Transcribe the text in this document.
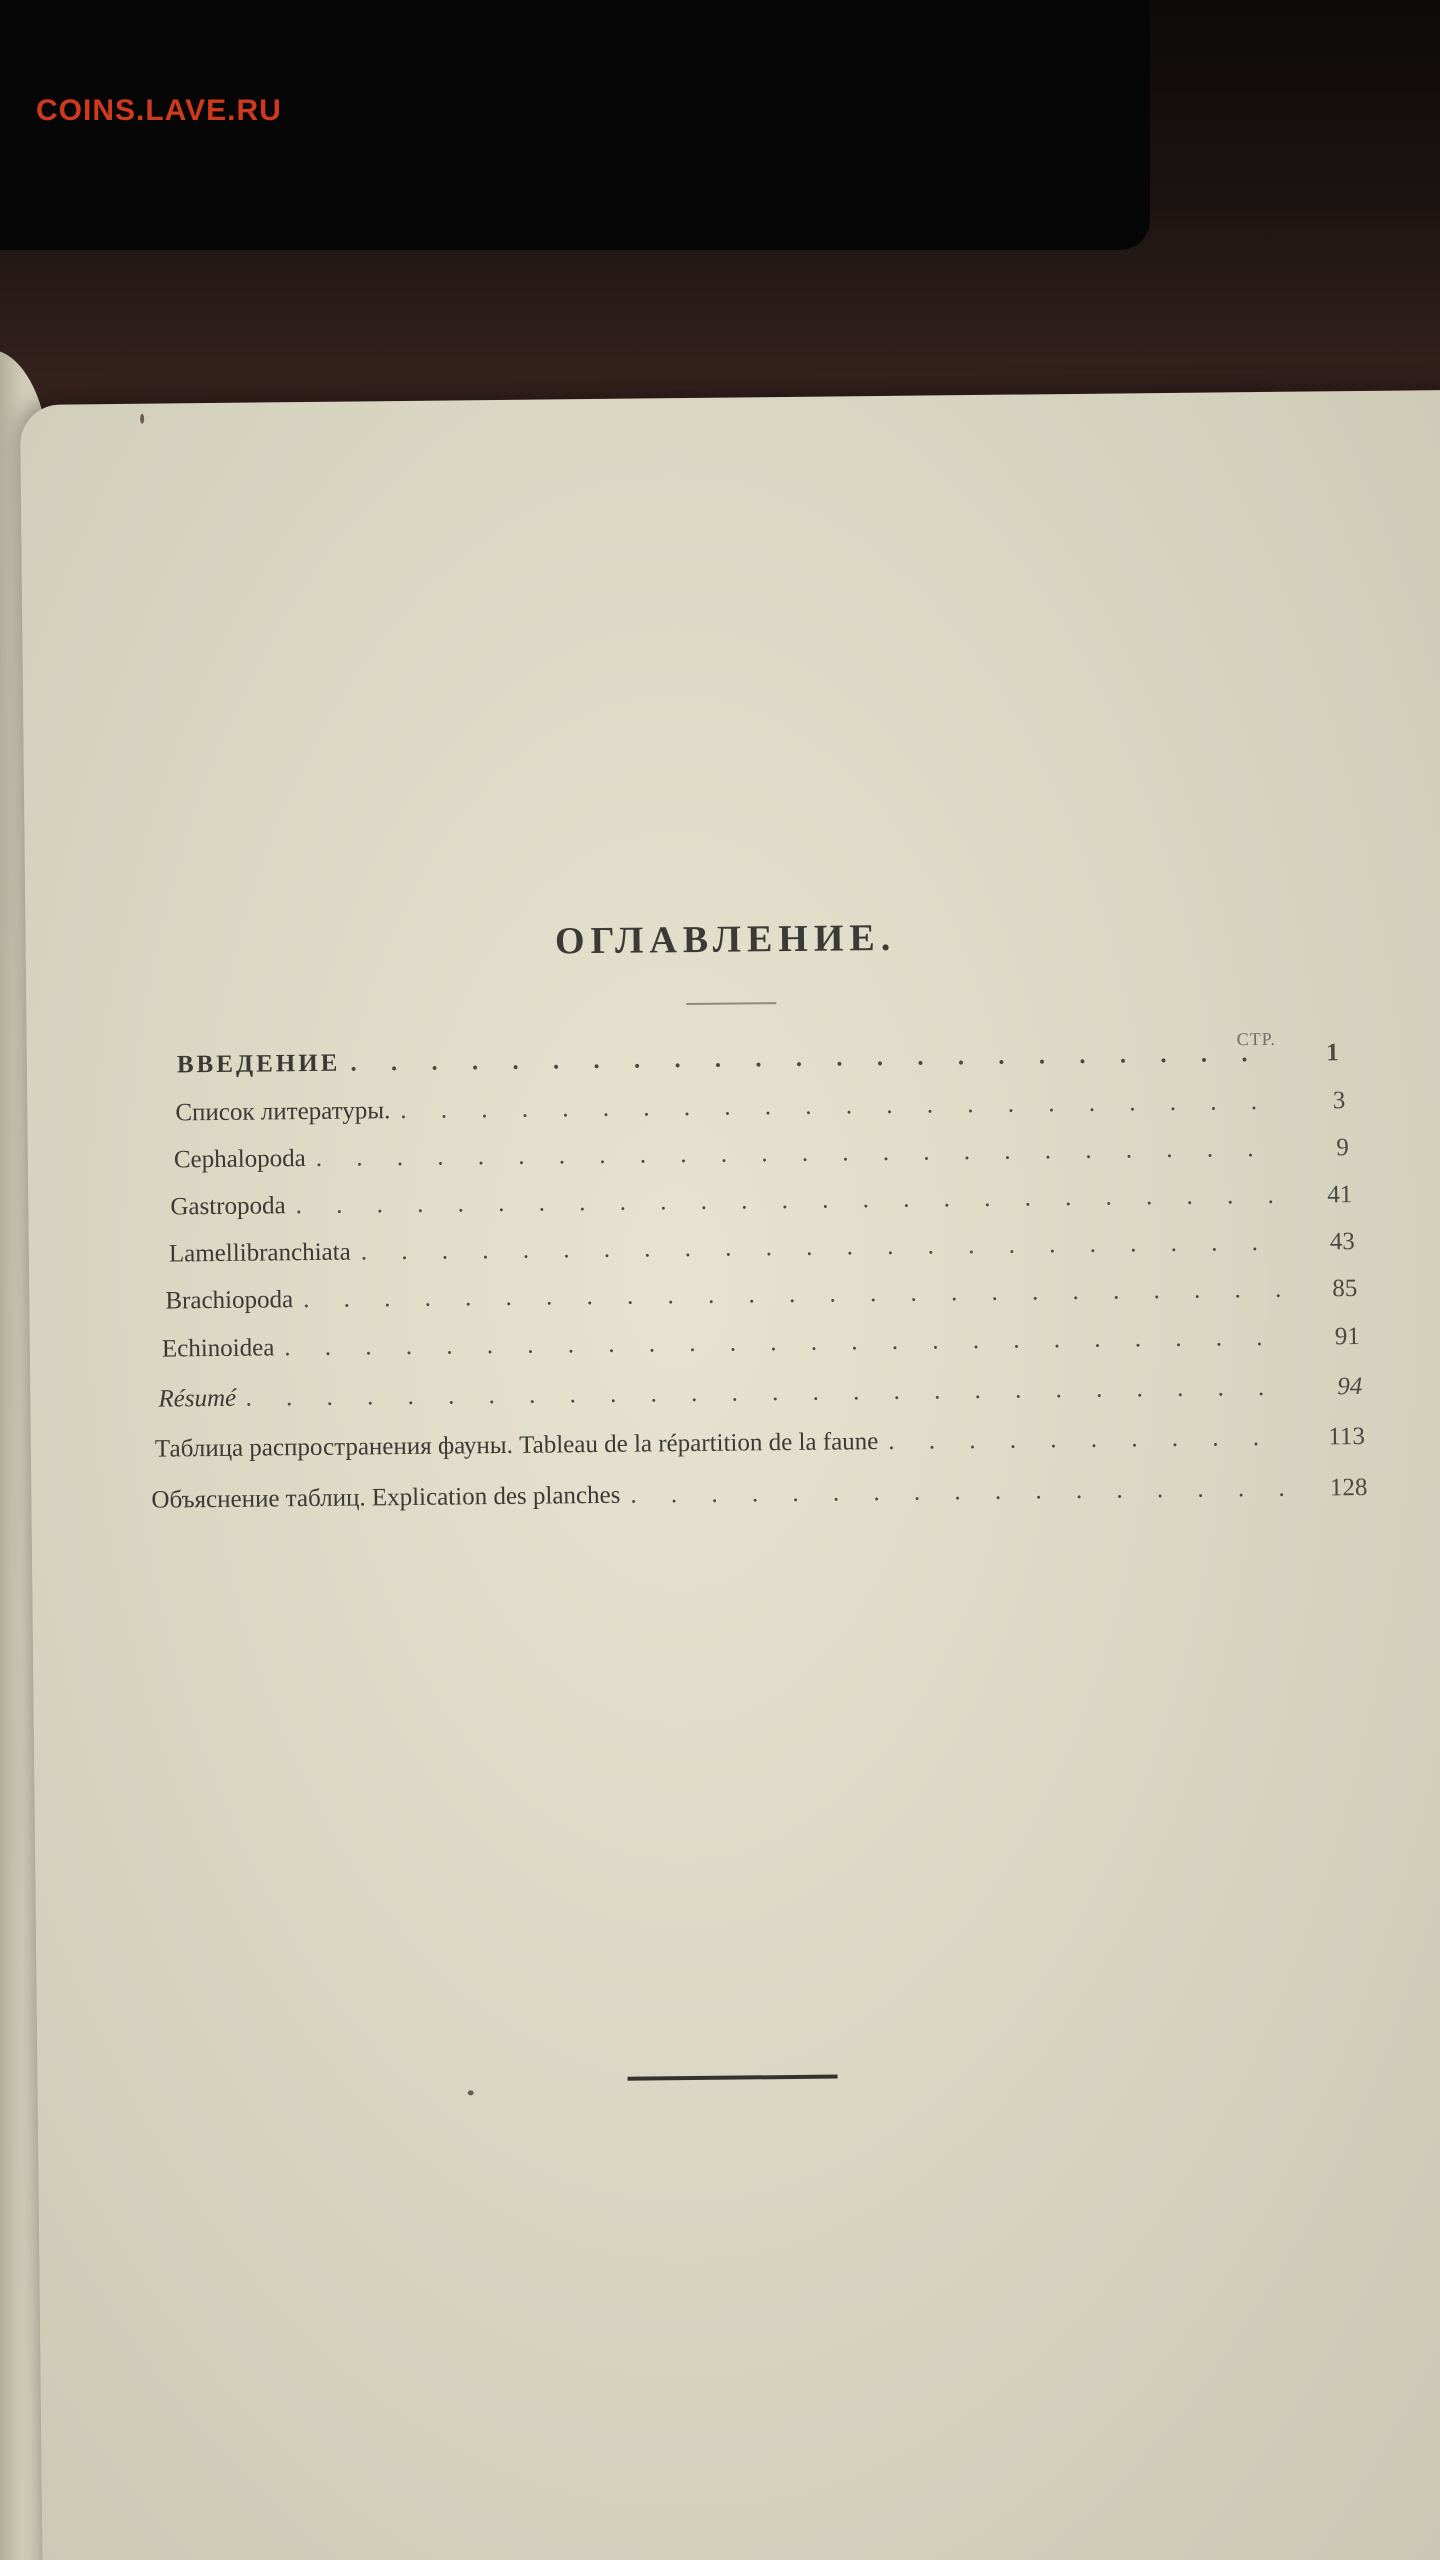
COINS.LAVE.RU
ОГЛАВЛЕНИЕ.
СТР.
ВВЕДЕНИЕ . . .	1
Список литературы. . . .	3
Cephalopoda . . .	9
Gastropoda . . .	41
Lamellibranchiata . . .	43
Brachiopoda . . .	85
Echinoidea . . .	91
Résumé . . .	94
Таблица распространения фауны. Tableau de la répartition de la faune . . .	113
Объяснение таблиц. Explication des planches . . .	128
